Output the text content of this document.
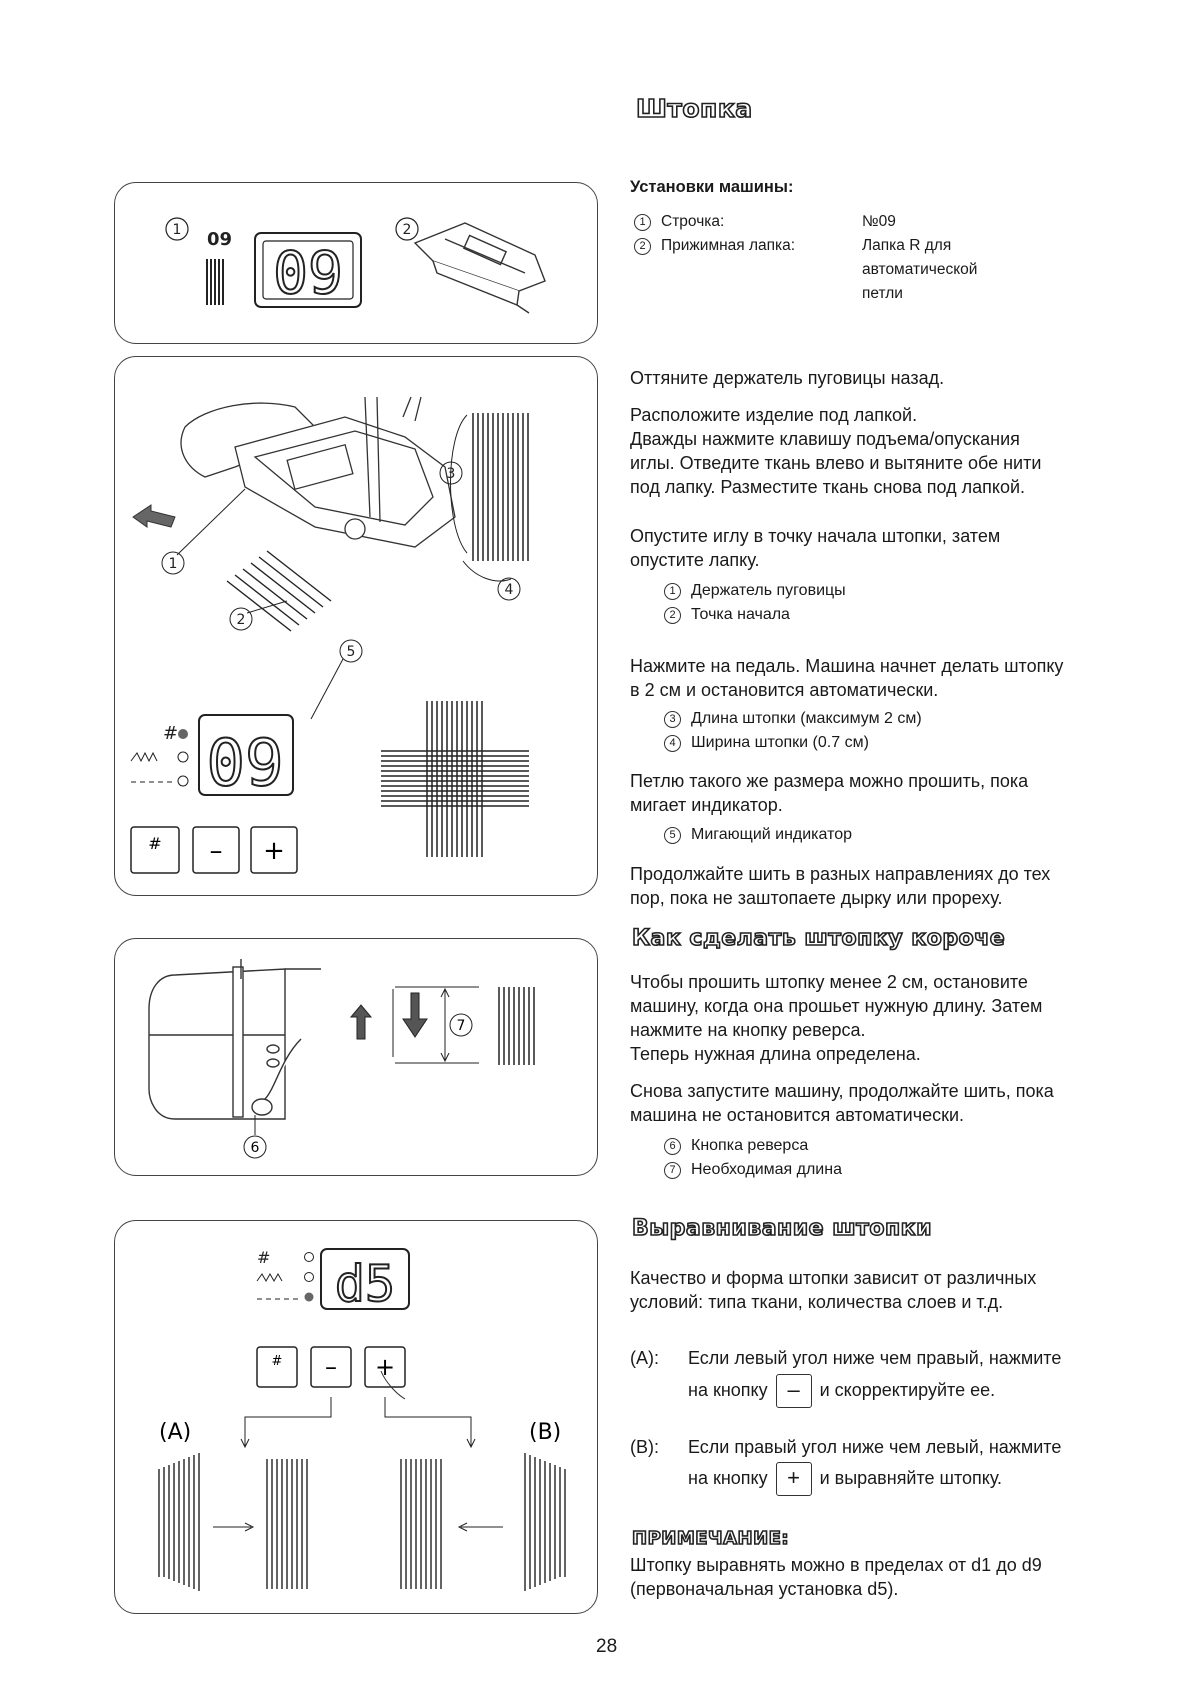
Штопка
Установки машины:
1 Строчка:	№09
2 Прижимная лапка:	Лапка R для
автоматической
петли
Оттяните держатель пуговицы назад.
Расположите изделие под лапкой.
Дважды нажмите клавишу подъема/опускания
иглы. Отведите ткань влево и вытяните обе нити
под лапку. Разместите ткань снова под лапкой.
Опустите иглу в точку начала штопки, затем
опустите лапку.
1 Держатель пуговицы
2 Точка начала
Нажмите на педаль. Машина начнет делать штопку
в 2 см и остановится автоматически.
3 Длина штопки (максимум 2 см)
4 Ширина штопки (0.7 см)
Петлю такого же размера можно прошить, пока
мигает индикатор.
5 Мигающий индикатор
Продолжайте шить в разных направлениях до тех
пор, пока не заштопаете дырку или прореху.
Как сделать штопку короче
Чтобы прошить штопку менее 2 см, остановите
машину, когда она прошьет нужную длину. Затем
нажмите на кнопку реверса.
Теперь нужная длина определена.
Снова запустите машину, продолжайте шить, пока
машина не остановится автоматически.
6 Кнопка реверса
7 Необходимая длина
Выравнивание штопки
Качество и форма штопки зависит от различных
условий: типа ткани, количества слоев и т.д.
(A): Если левый угол ниже чем правый, нажмите
на кнопку – и скорректируйте ее.
(B): Если правый угол ниже чем левый, нажмите
на кнопку + и выравняйте штопку.
ПРИМЕЧАНИЕ:
Штопку выравнять можно в пределах от d1 до d9
(первоначальная установка d5).
28
1 09	2
09
1
2
3
4
5
# 09
# – +
6
7
# d5
# – +
(A)	(B)
